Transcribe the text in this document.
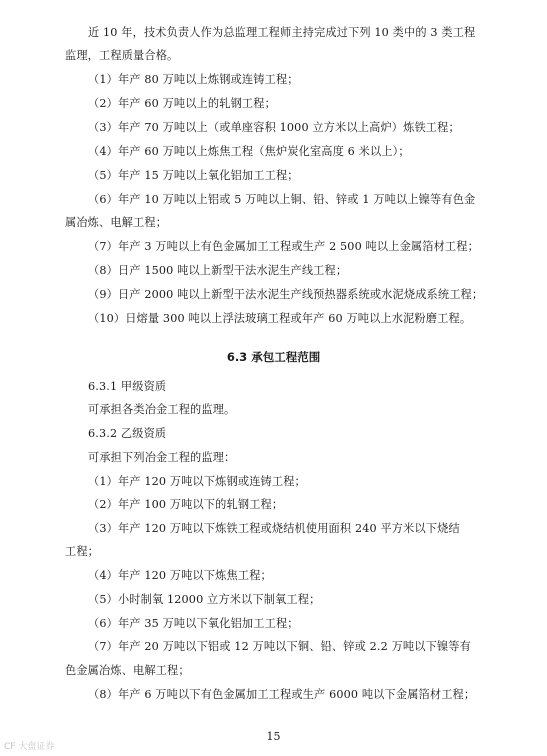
近 10 年，技术负责人作为总监理工程师主持完成过下列 10 类中的 3 类工程
监理，工程质量合格。
（1）年产 80 万吨以上炼钢或连铸工程；
（2）年产 60 万吨以上的轧钢工程；
（3）年产 70 万吨以上（或单座容积 1000 立方米以上高炉）炼铁工程；
（4）年产 60 万吨以上炼焦工程（焦炉炭化室高度 6 米以上）；
（5）年产 15 万吨以上氧化铝加工工程；
（6）年产 10 万吨以上铝或 5 万吨以上铜、铅、锌或 1 万吨以上镍等有色金
属冶炼、电解工程；
（7）年产 3 万吨以上有色金属加工工程或生产 2 500 吨以上金属箔材工程；
（8）日产 1500 吨以上新型干法水泥生产线工程；
（9）日产 2000 吨以上新型干法水泥生产线预热器系统或水泥烧成系统工程；
（10）日熔量 300 吨以上浮法玻璃工程或年产 60 万吨以上水泥粉磨工程。
6.3 承包工程范围
6.3.1 甲级资质
可承担各类冶金工程的监理。
6.3.2 乙级资质
可承担下列冶金工程的监理：
（1）年产 120 万吨以下炼钢或连铸工程；
（2）年产 100 万吨以下的轧钢工程；
（3）年产 120 万吨以下炼铁工程或烧结机使用面积 240 平方米以下烧结
工程；
（4）年产 120 万吨以下炼焦工程；
（5）小时制氧 12000 立方米以下制氧工程；
（6）年产 35 万吨以下氧化铝加工工程；
（7）年产 20 万吨以下铝或 12 万吨以下铜、铅、锌或 2.2 万吨以下镍等有
色金属冶炼、电解工程；
（8）年产 6 万吨以下有色金属加工工程或生产 6000 吨以下金属箔材工程；
15
CF 大盘证券
